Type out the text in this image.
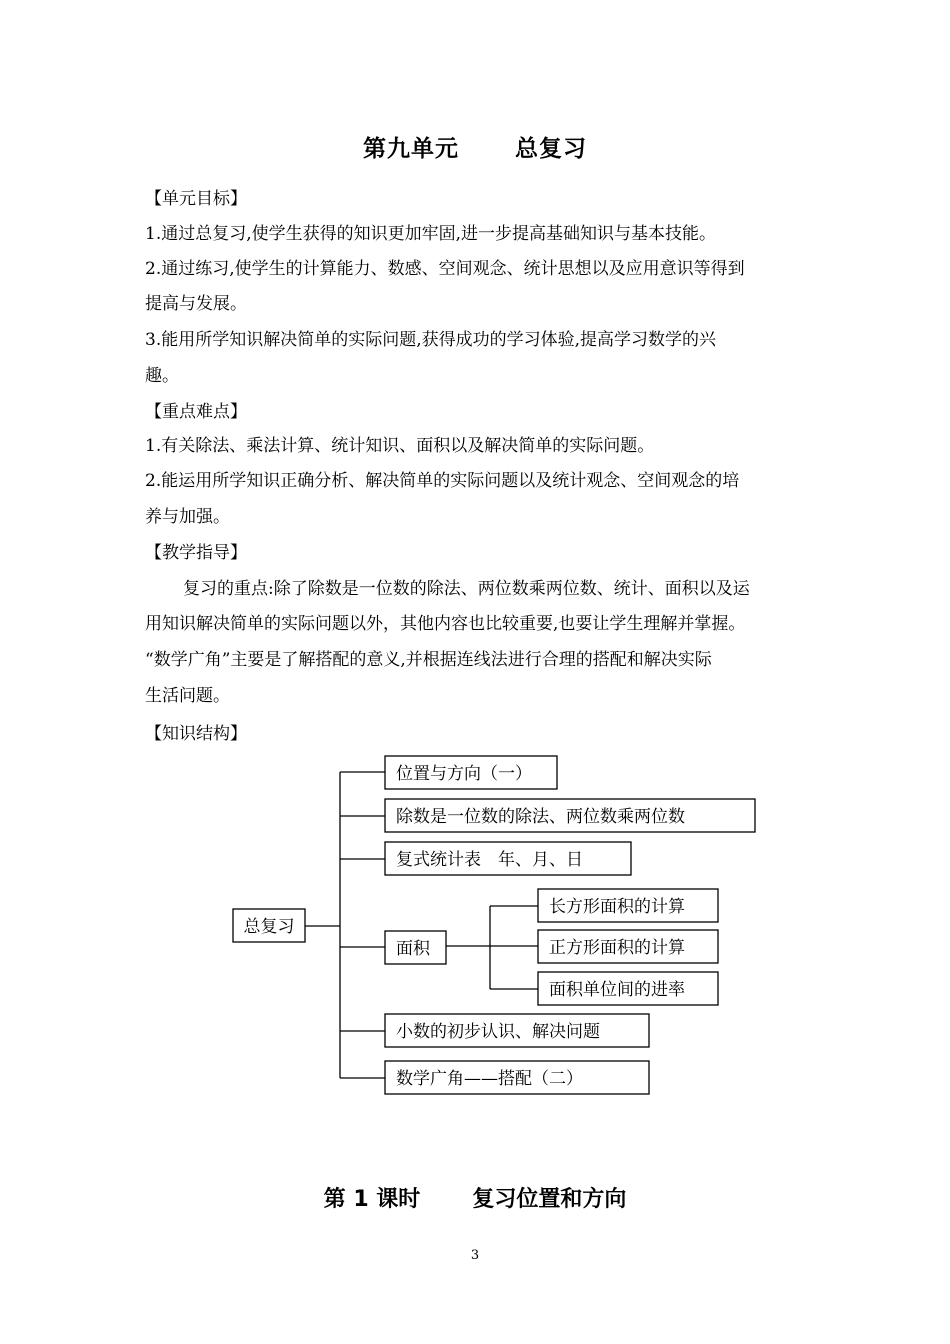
第九单元 总复习
【单元目标】
1.通过总复习,使学生获得的知识更加牢固,进一步提高基础知识与基本技能。
2.通过练习,使学生的计算能力、数感、空间观念、统计思想以及应用意识等得到
提高与发展。
3.能用所学知识解决简单的实际问题,获得成功的学习体验,提高学习数学的兴
趣。
【重点难点】
1.有关除法、乘法计算、统计知识、面积以及解决简单的实际问题。
2.能运用所学知识正确分析、解决简单的实际问题以及统计观念、空间观念的培
养与加强。
【教学指导】
复习的重点:除了除数是一位数的除法、两位数乘两位数、统计、面积以及运
用知识解决简单的实际问题以外，其他内容也比较重要,也要让学生理解并掌握。
“数学广角”主要是了解搭配的意义,并根据连线法进行合理的搭配和解决实际
生活问题。
【知识结构】
总复习
位置与方向（一）
除数是一位数的除法、两位数乘两位数
复式统计表　年、月、日
面积
小数的初步认识、解决问题
数学广角——搭配（二）
长方形面积的计算
正方形面积的计算
面积单位间的进率
第 1 课时 复习位置和方向
3
